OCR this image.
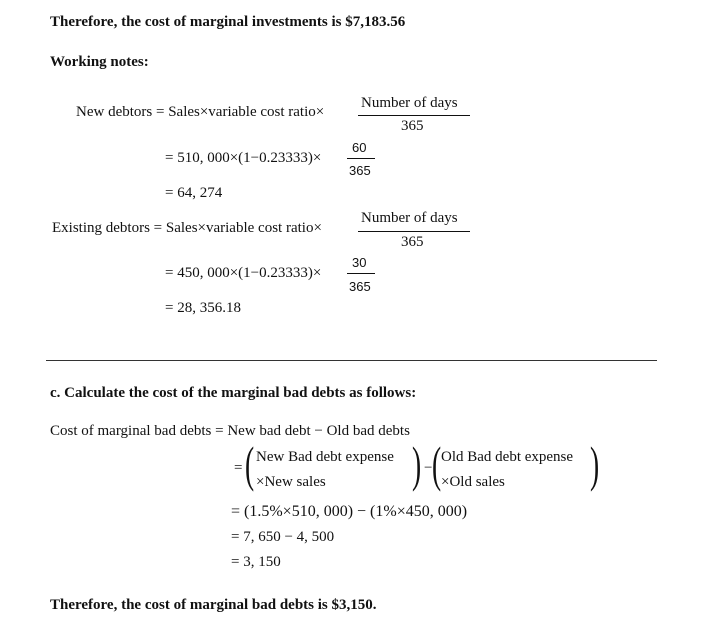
Therefore, the cost of marginal investments is $7,183.56
Working notes:
New debtors = Sales×variable cost ratio×
Number of days
365
= 510, 000×(1−0.23333)×
60
365
= 64, 274
Existing debtors = Sales×variable cost ratio×
Number of days
365
= 450, 000×(1−0.23333)×
30
365
= 28, 356.18
c. Calculate the cost of the marginal bad debts as follows:
Cost of marginal bad debts = New bad debt − Old bad debts
= ( New Bad debt expense
×New sales ) − ( Old Bad debt expense
×Old sales )
= (1.5%×510, 000) − (1%×450, 000)
= 7, 650 − 4, 500
= 3, 150
Therefore, the cost of marginal bad debts is $3,150.
